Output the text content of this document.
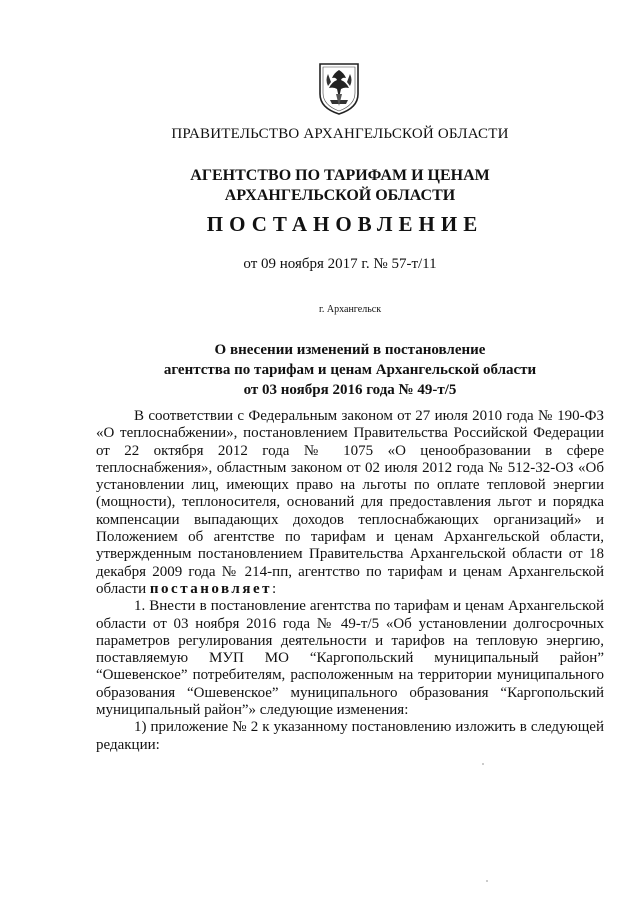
ПРАВИТЕЛЬСТВО АРХАНГЕЛЬСКОЙ ОБЛАСТИ
АГЕНТСТВО ПО ТАРИФАМ И ЦЕНАМ
АРХАНГЕЛЬСКОЙ ОБЛАСТИ
ПОСТАНОВЛЕНИЕ
от 09 ноября 2017 г. № 57-т/11
г. Архангельск
О внесении изменений в постановление
агентства по тарифам и ценам Архангельской области
от 03 ноября 2016 года № 49-т/5

В соответствии с Федеральным законом от 27 июля 2010 года № 190-ФЗ «О теплоснабжении», постановлением Правительства Российской Федерации от 22 октября 2012 года № 1075 «О ценообразовании в сфере теплоснабжения», областным законом от 02 июля 2012 года № 512-32-ОЗ «Об установлении лиц, имеющих право на льготы по оплате тепловой энергии (мощности), теплоносителя, оснований для предоставления льгот и порядка компенсации выпадающих доходов теплоснабжающих организаций» и Положением об агентстве по тарифам и ценам Архангельской области, утвержденным постановлением Правительства Архангельской области от 18 декабря 2009 года № 214-пп, агентство по тарифам и ценам Архангельской области постановляет:

1. Внести в постановление агентства по тарифам и ценам Архангельской области от 03 ноября 2016 года № 49-т/5 «Об установлении долгосрочных параметров регулирования деятельности и тарифов на тепловую энергию, поставляемую МУП МО “Каргопольский муниципальный район” “Ошевенское” потребителям, расположенным на территории муниципального образования “Ошевенское” муниципального образования “Каргопольский муниципальный район”» следующие изменения:

1) приложение № 2 к указанному постановлению изложить в следующей редакции:
